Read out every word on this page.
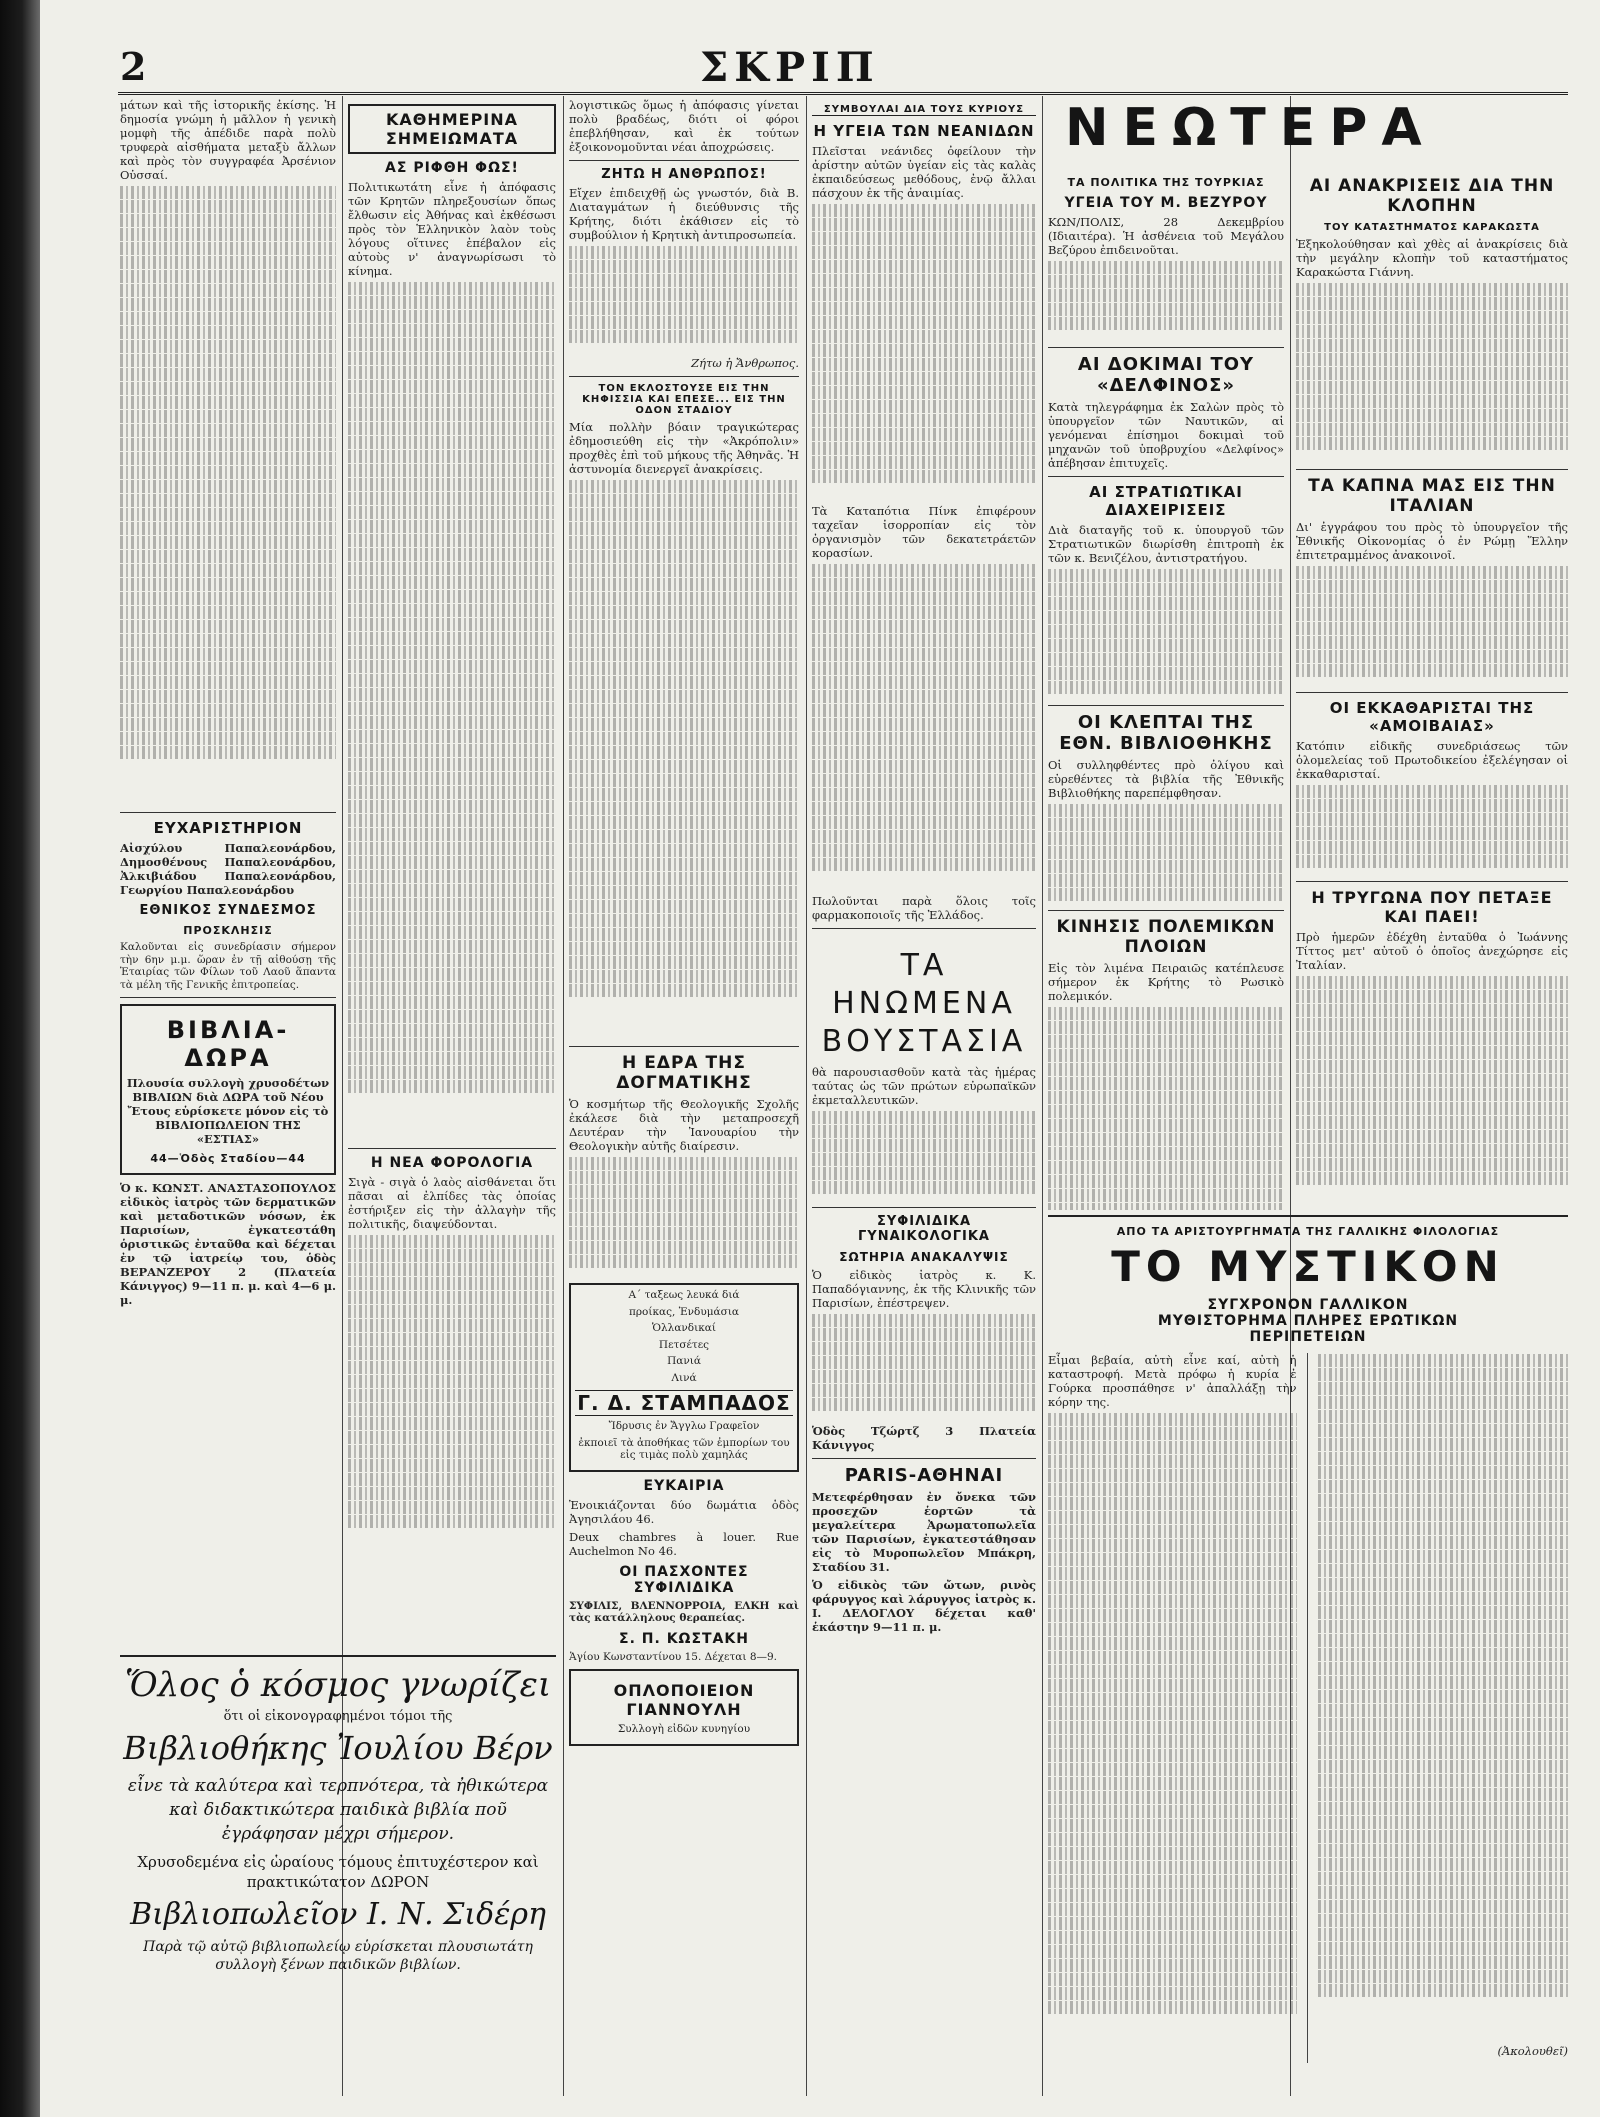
2	ΣΚΡΙΠ

μάτων καὶ τῆς ἱστορικῆς ἐκίσης. Ἡ δημοσία γνώμη ἡ μᾶλλον ἡ γενικὴ μομφὴ τῆς ἀπέδιδε παρὰ πολὺ τρυφερὰ αἰσθήματα μεταξὺ ἄλλων καὶ πρὸς τὸν συγγραφέα Ἀρσένιον Οὐσσαί.

ΕΥΧΑΡΙΣΤΗΡΙΟΝ

Αἰσχύλου Παπαλεονάρδου, Δημοσθένους Παπαλεονάρδου, Ἀλκιβιάδου Παπαλεονάρδου, Γεωργίου Παπαλεονάρδου

ΕΘΝΙΚΟΣ ΣΥΝΔΕΣΜΟΣ
ΠΡΟΣΚΛΗΣΙΣ

Καλοῦνται εἰς συνεδρίασιν σήμερον τὴν 6ην μ.μ. ὥραν ἐν τῇ αἰθούσῃ τῆς Ἑταιρίας τῶν Φίλων τοῦ Λαοῦ ἅπαντα τὰ μέλη τῆς Γενικῆς ἐπιτροπείας.

ΒΙΒΛΙΑ-ΔΩΡΑ

Πλουσία συλλογὴ χρυσοδέτων ΒΙΒΛΙΩΝ διὰ ΔΩΡΑ τοῦ Νέου Ἔτους εὑρίσκετε μόνον εἰς τὸ ΒΙΒΛΙΟΠΩΛΕΙΟΝ ΤΗΣ «ΕΣΤΙΑΣ»

44—Ὁδὸς Σταδίου—44

Ὁ κ. ΚΩΝΣΤ. ΑΝΑΣΤΑΣΟΠΟΥΛΟΣ εἰδικὸς ἰατρὸς τῶν δερματικῶν καὶ μεταδοτικῶν νόσων, ἐκ Παρισίων, ἐγκατεστάθη ὁριστικῶς ἐνταῦθα καὶ δέχεται ἐν τῷ ἰατρείῳ του, ὁδὸς ΒΕΡΑΝΖΕΡΟΥ 2 (Πλατεία Κάνιγγος) 9—11 π. μ. καὶ 4—6 μ. μ.

ΚΑΘΗΜΕΡΙΝΑ ΣΗΜΕΙΩΜΑΤΑ
ΑΣ ΡΙΦΘΗ ΦΩΣ!

Πολιτικωτάτη εἶνε ἡ ἀπόφασις τῶν Κρητῶν πληρεξουσίων ὅπως ἔλθωσιν εἰς Ἀθήνας καὶ ἐκθέσωσι πρὸς τὸν Ἑλληνικὸν λαὸν τοὺς λόγους οἵτινες ἐπέβαλον εἰς αὐτοὺς ν' ἀναγνωρίσωσι τὸ κίνημα.

Η ΝΕΑ ΦΟΡΟΛΟΓΙΑ

Σιγὰ - σιγὰ ὁ λαὸς αἰσθάνεται ὅτι πᾶσαι αἱ ἐλπίδες τὰς ὁποίας ἐστήριξεν εἰς τὴν ἀλλαγὴν τῆς πολιτικῆς, διαψεύδονται.

λογιστικῶς ὅμως ἡ ἀπόφασις γίνεται πολὺ βραδέως, διότι οἱ φόροι ἐπεβλήθησαν, καὶ ἐκ τούτων ἐξοικονομοῦνται νέαι ἀποχρώσεις.

ΖΗΤΩ Η ΑΝΘΡΩΠΟΣ!

Εἴχεν ἐπιδειχθῇ ὡς γνωστόν, διὰ Β. Διαταγμάτων ἡ διεύθυνσις τῆς Κρήτης, διότι ἐκάθισεν εἰς τὸ συμβούλιον ἡ Κρητικὴ ἀντιπροσωπεία.

Ζήτω ἡ Ἄνθρωπος.

ΤΟΝ ΕΚΛΟΣΤΟΥΣΕ ΕΙΣ ΤΗΝ ΚΗΦΙΣΣΙΑ ΚΑΙ ΕΠΕΣΕ... ΕΙΣ ΤΗΝ ΟΔΟΝ ΣΤΑΔΙΟΥ

Μία πολλὴν βόαιν τραγικώτερας ἐδημοσιεύθη εἰς τὴν «Ἀκρόπολιν» προχθὲς ἐπὶ τοῦ μήκους τῆς Ἀθηνᾶς. Ἡ ἀστυνομία διενεργεῖ ἀνακρίσεις.

Η ΕΔΡΑ ΤΗΣ ΔΟΓΜΑΤΙΚΗΣ

Ὁ κοσμήτωρ τῆς Θεολογικῆς Σχολῆς ἐκάλεσε διὰ τὴν μεταπροσεχῆ Δευτέραν τὴν Ἰανουαρίου τὴν Θεολογικὴν αὐτῆς διαίρεσιν.

Α΄ ταξεως λευκά διά
προίκας, Ἐνδυμάσια
Ὁλλανδικαί
Πετσέτες
Πανιά
Λινά
Γ. Δ. ΣΤΑΜΠΑΔΟΣ
Ἴδρυσις ἐν Ἄγγλω Γραφεῖον
ἐκποιεῖ τὰ ἀποθήκας τῶν ἐμπορίων του εἰς τιμὰς πολὺ χαμηλάς
ΕΥΚΑΙΡΙΑ

Ἐνοικιάζονται δύο δωμάτια ὁδὸς Ἀγησιλάου 46.

Deux chambres à louer. Rue Auchelmon No 46.

ΟΙ ΠΑΣΧΟΝΤΕΣ ΣΥΦΙΛΙΔΙΚΑ

ΣΥΦΙΛΙΣ, ΒΛΕΝΝΟΡΡΟΙΑ, ΕΛΚΗ καὶ τὰς κατάλληλους θεραπείας.

Σ. Π. ΚΩΣΤΑΚΗ

Ἁγίου Κωνσταντίνου 15. Δέχεται 8—9.

ΟΠΛΟΠΟΙΕΙΟΝ ΓΙΑΝΝΟΥΛΗ
Συλλογὴ εἰδῶν κυνηγίου
ΣΥΜΒΟΥΛΑΙ ΔΙΑ ΤΟΥΣ ΚΥΡΙΟΥΣ
Η ΥΓΕΙΑ ΤΩΝ ΝΕΑΝΙΔΩΝ

Πλεῖσται νεάνιδες ὀφείλουν τὴν ἀρίστην αὐτῶν ὑγείαν εἰς τὰς καλὰς ἐκπαιδεύσεως μεθόδους, ἐνῷ ἄλλαι πάσχουν ἐκ τῆς ἀναιμίας.

Τὰ Καταπότια Πίνκ ἐπιφέρουν ταχεῖαν ἰσορροπίαν εἰς τὸν ὀργανισμὸν τῶν δεκατετράετῶν κορασίων.

Πωλοῦνται παρὰ ὅλοις τοῖς φαρμακοποιοῖς τῆς Ἑλλάδος.

ΤΑ ΗΝΩΜΕΝΑ ΒΟΥΣΤΑΣΙΑ

θὰ παρουσιασθοῦν κατὰ τὰς ἡμέρας ταύτας ὡς τῶν πρώτων εὐρωπαϊκῶν ἐκμεταλλευτικῶν.

ΣΥΦΙΛΙΔΙΚΑ ΓΥΝΑΙΚΟΛΟΓΙΚΑ
ΣΩΤΗΡΙΑ ΑΝΑΚΑΛΥΨΙΣ

Ὁ εἰδικὸς ἰατρὸς κ. Κ. Παπαδόγιαννης, ἐκ τῆς Κλινικῆς τῶν Παρισίων, ἐπέστρεψεν.

Ὁδὸς Τζώρτζ 3 Πλατεία Κάνιγγος

PARIS-ΑΘΗΝΑΙ

Μετεφέρθησαν ἐν ὄνεκα τῶν προσεχῶν ἑορτῶν τὰ μεγαλείτερα Ἀρωματοπωλεῖα τῶν Παρισίων, ἐγκατεστάθησαν εἰς τὸ Μυροπωλεῖον Μπάκρη, Σταδίου 31.

Ὁ εἰδικὸς τῶν ὤτων, ρινὸς φάρυγγος καὶ λάρυγγος ἰατρὸς κ. Ι. ΔΕΛΟΓΛΟΥ δέχεται καθ' ἑκάστην 9—11 π. μ.

ΝΕΩΤΕΡΑ
ΤΑ ΠΟΛΙΤΙΚΑ ΤΗΣ ΤΟΥΡΚΙΑΣ
ΥΓΕΙΑ ΤΟΥ Μ. ΒΕΖΥΡΟΥ

ΚΩΝ/ΠΟΛΙΣ, 28 Δεκεμβρίου (Ιδιαιτέρα). Ἡ ἀσθένεια τοῦ Μεγάλου Βεζύρου ἐπιδεινοῦται.

ΑΙ ΔΟΚΙΜΑΙ ΤΟΥ «ΔΕΛΦΙΝΟΣ»

Κατὰ τηλεγράφημα ἐκ Σαλὼν πρὸς τὸ ὑπουργεῖον τῶν Ναυτικῶν, αἱ γενόμεναι ἐπίσημοι δοκιμαὶ τοῦ μηχανῶν τοῦ ὑποβρυχίου «Δελφίνος» ἀπέβησαν ἐπιτυχεῖς.

ΑΙ ΣΤΡΑΤΙΩΤΙΚΑΙ ΔΙΑΧΕΙΡΙΣΕΙΣ

Διὰ διαταγῆς τοῦ κ. ὑπουργοῦ τῶν Στρατιωτικῶν διωρίσθη ἐπιτροπὴ ἐκ τῶν κ. Βενιζέλου, ἀντιστρατήγου.

ΟΙ ΚΛΕΠΤΑΙ ΤΗΣ ΕΘΝ. ΒΙΒΛΙΟΘΗΚΗΣ

Οἱ συλληφθέντες πρὸ ὀλίγου καὶ εὑρεθέντες τὰ βιβλία τῆς Ἐθνικῆς Βιβλιοθήκης παρεπέμφθησαν.

ΚΙΝΗΣΙΣ ΠΟΛΕΜΙΚΩΝ ΠΛΟΙΩΝ

Εἰς τὸν λιμένα Πειραιῶς κατέπλευσε σήμερον ἐκ Κρήτης τὸ Ρωσικὸ πολεμικόν.

ΑΙ ΑΝΑΚΡΙΣΕΙΣ ΔΙΑ ΤΗΝ ΚΛΟΠΗΝ
ΤΟΥ ΚΑΤΑΣΤΗΜΑΤΟΣ ΚΑΡΑΚΩΣΤΑ

Ἐξηκολούθησαν καὶ χθὲς αἱ ἀνακρίσεις διὰ τὴν μεγάλην κλοπὴν τοῦ καταστήματος Καρακώστα Γιάννη.

ΤΑ ΚΑΠΝΑ ΜΑΣ ΕΙΣ ΤΗΝ ΙΤΑΛΙΑΝ

Δι' ἐγγράφου του πρὸς τὸ ὑπουργεῖον τῆς Ἐθνικῆς Οἰκονομίας ὁ ἐν Ρώμῃ Ἕλλην ἐπιτετραμμένος ἀνακοινοῖ.

ΟΙ ΕΚΚΑΘΑΡΙΣΤΑΙ ΤΗΣ «ΑΜΟΙΒΑΙΑΣ»

Κατόπιν εἰδικῆς συνεδριάσεως τῶν ὁλομελείας τοῦ Πρωτοδικείου ἐξελέγησαν οἱ ἐκκαθαρισταί.

Η ΤΡΥΓΩΝΑ ΠΟΥ ΠΕΤΑΞΕ ΚΑΙ ΠΑΕΙ!

Πρὸ ἡμερῶν ἐδέχθη ἐνταῦθα ὁ Ἰωάννης Τίττος μετ' αὐτοῦ ὁ ὁποῖος ἀνεχώρησε εἰς Ἰταλίαν.

ΑΠΟ ΤΑ ΑΡΙΣΤΟΥΡΓΗΜΑΤΑ ΤΗΣ ΓΑΛΛΙΚΗΣ ΦΙΛΟΛΟΓΙΑΣ
ΤΟ ΜΥΣΤΙΚΟΝ
ΣΥΓΧΡΟΝΟΝ ΓΑΛΛΙΚΟΝ ΜΥΘΙΣΤΟΡΗΜΑ ΠΛΗΡΕΣ ΕΡΩΤΙΚΩΝ ΠΕΡΙΠΕΤΕΙΩΝ

Εἶμαι βεβαία, αὐτὴ εἶνε καί, αὐτὴ ἡ καταστροφή. Μετὰ πρόφω ἡ κυρία ἐ Γούρκα προσπάθησε ν' ἀπαλλάξῃ τὴν κόρην της.

(Ἀκολουθεῖ)

Ὅλος ὁ κόσμος γνωρίζει
ὅτι οἱ εἰκονογραφημένοι τόμοι τῆς
Βιβλιοθήκης Ἰουλίου Βέρν
εἶνε τὰ καλύτερα καὶ τερπνότερα, τὰ ἠθικώτερα καὶ διδακτικώτερα παιδικὰ βιβλία ποῦ ἐγράφησαν μέχρι σήμερον.
Χρυσοδεμένα εἰς ὡραίους τόμους ἐπιτυχέστερον καὶ πρακτικώτατον ΔΩΡΟΝ
Βιβλιοπωλεῖον Ι. Ν. Σιδέρη
Παρὰ τῷ αὐτῷ βιβλιοπωλείῳ εὑρίσκεται πλουσιωτάτη συλλογὴ ξένων παιδικῶν βιβλίων.
